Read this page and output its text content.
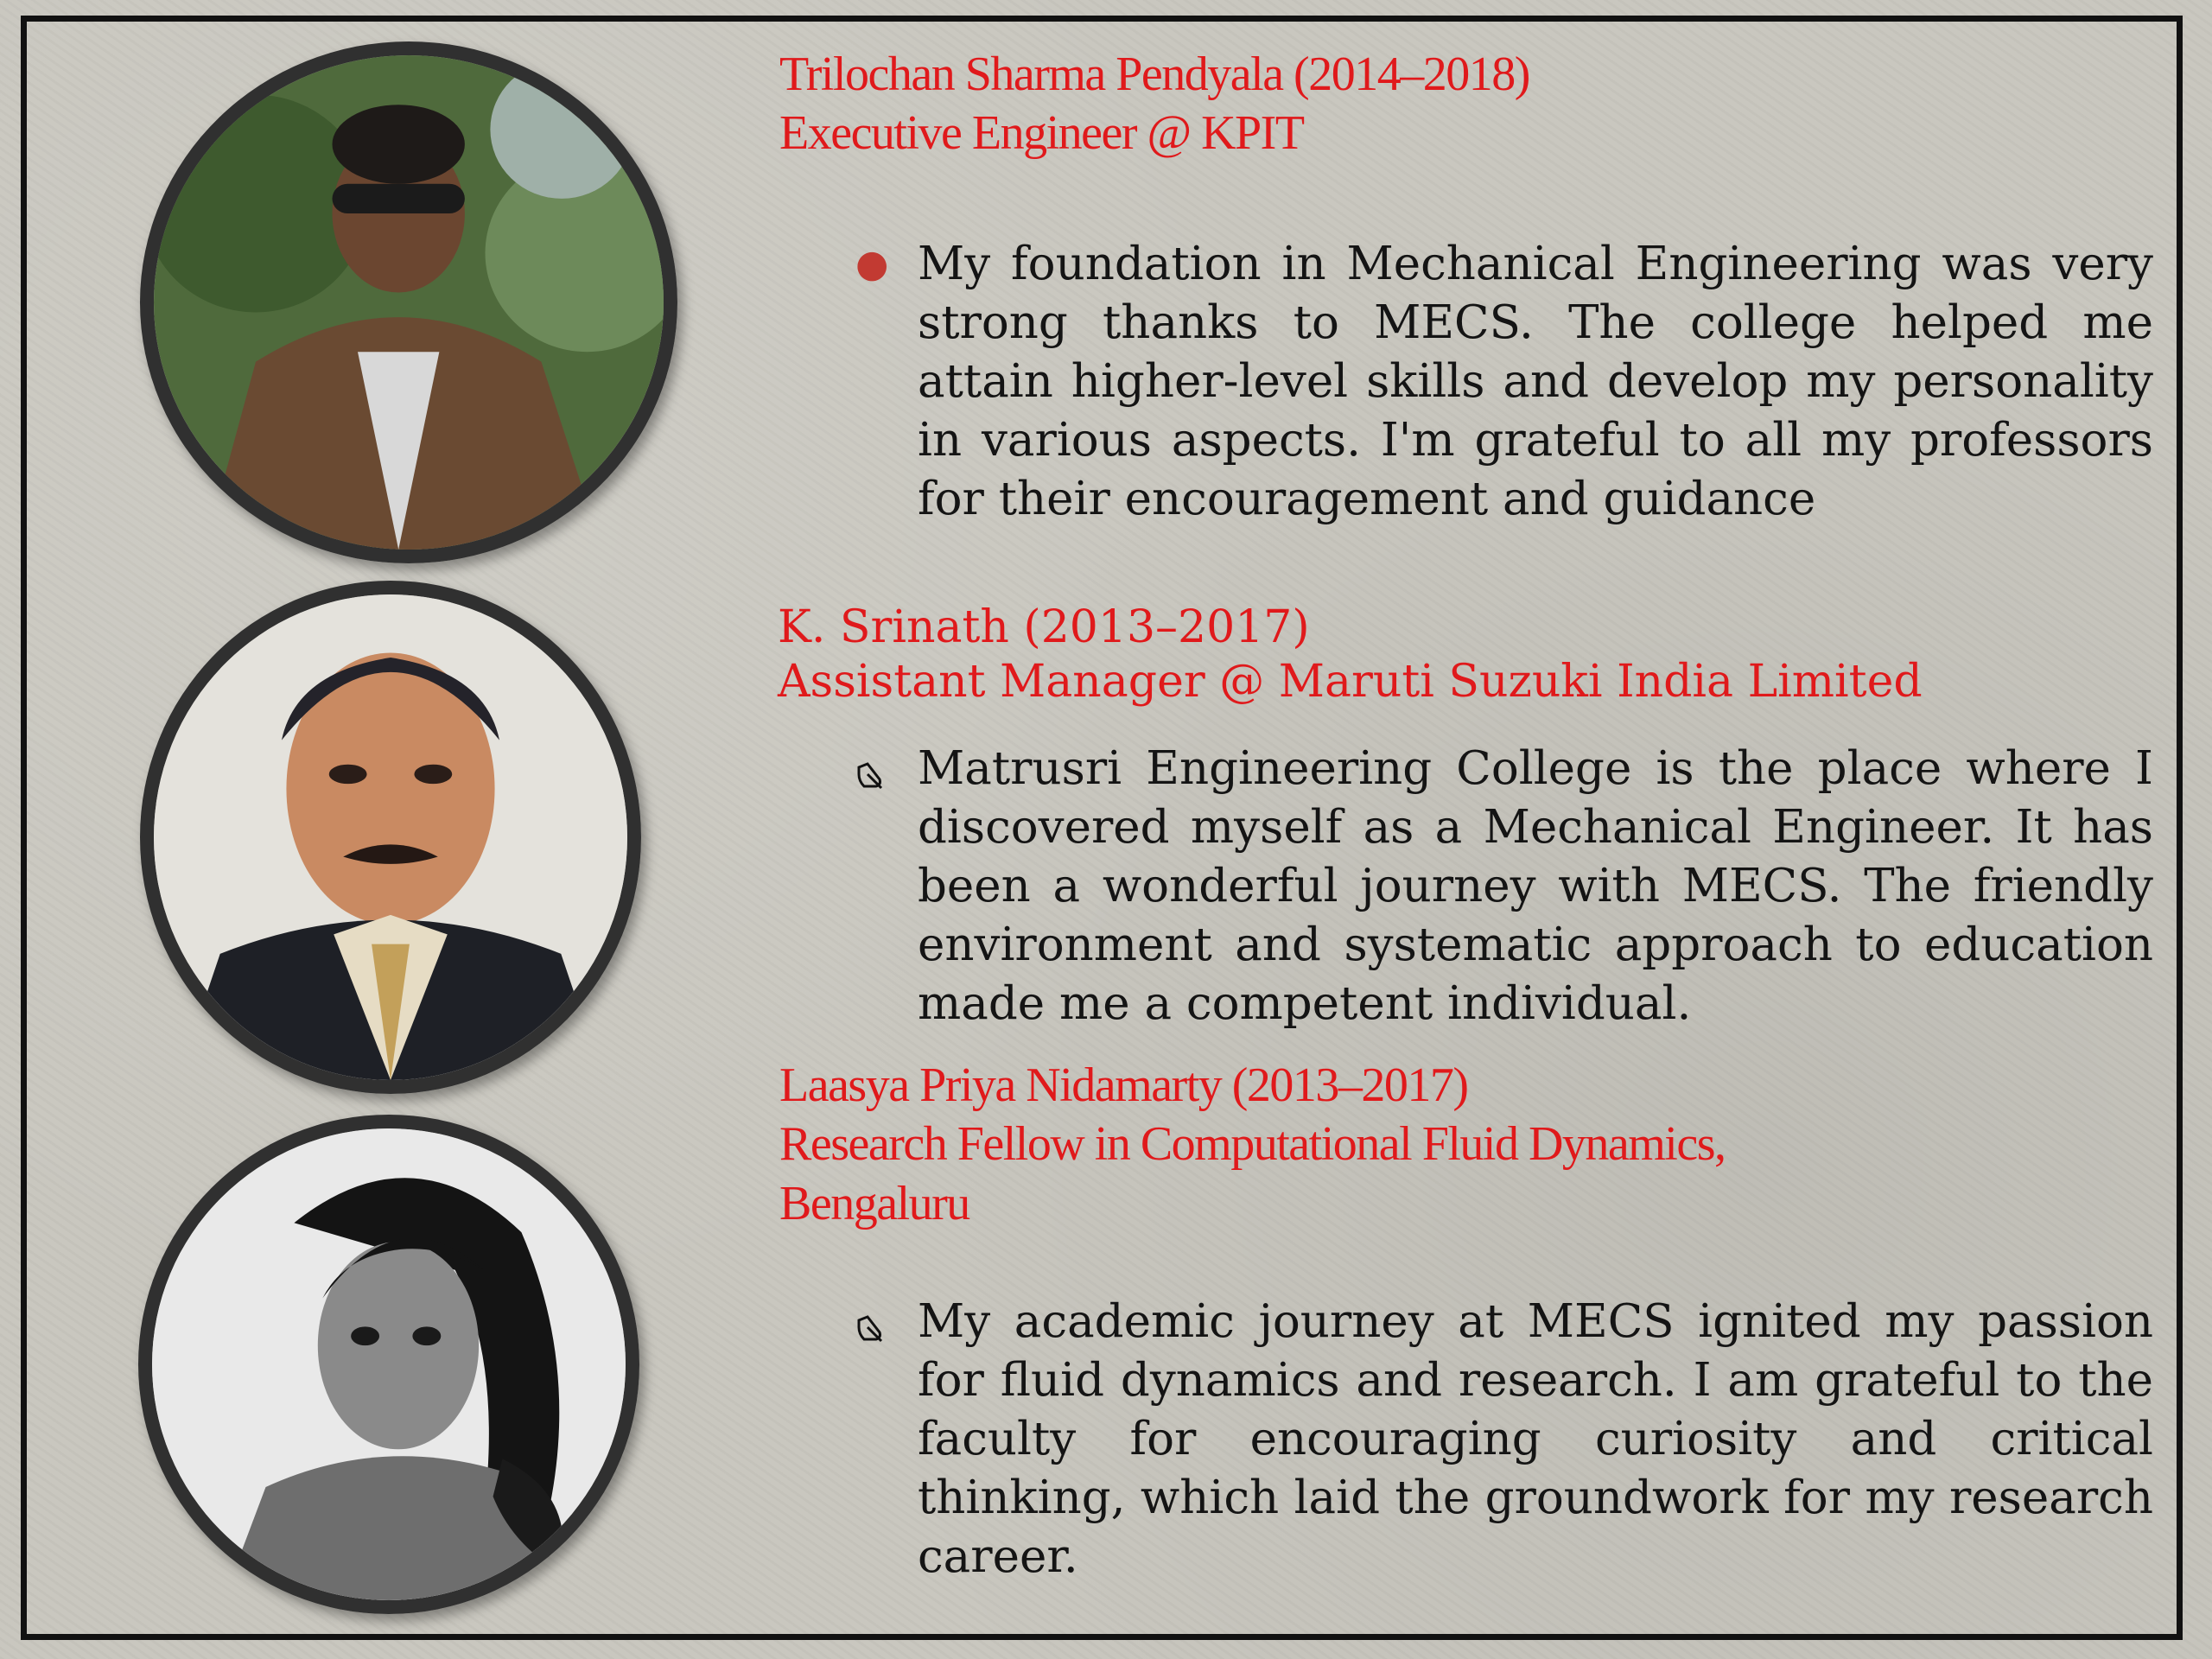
Trilochan Sharma Pendyala (2014–2018)
Executive Engineer @ KPIT
● My foundation in Mechanical Engineering was very strong thanks to MECS. The college helped me attain higher-level skills and develop my personality in various aspects. I'm grateful to all my professors for their encouragement and guidance

K. Srinath (2013–2017)
Assistant Manager @ Maruti Suzuki India Limited

Matrusri Engineering College is the place where I discovered myself as a Mechanical Engineer. It has been a wonderful journey with MECS. The friendly environment and systematic approach to education made me a competent individual.

Laasya Priya Nidamarty (2013–2017)
Research Fellow in Computational Fluid Dynamics,
Bengaluru

My academic journey at MECS ignited my passion for fluid dynamics and research. I am grateful to the faculty for encouraging curiosity and critical thinking, which laid the groundwork for my research career.
